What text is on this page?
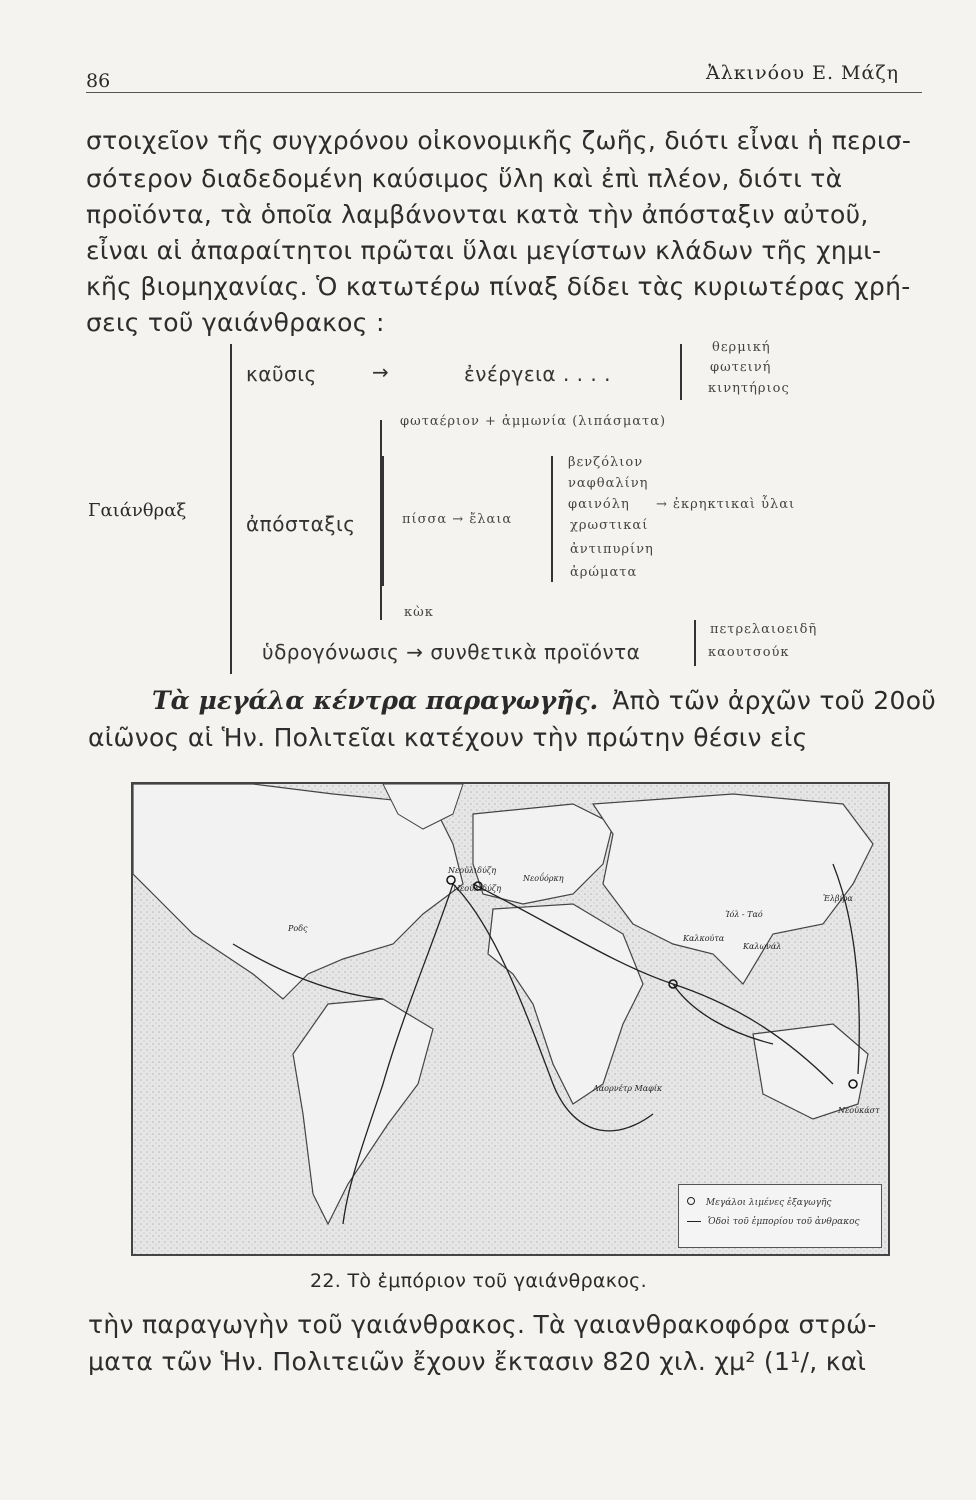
86	Ἀλκινόου Ε. Μάζη
στοιχεῖον τῆς συγχρόνου οἰκονομικῆς ζωῆς, διότι εἶναι ἡ περισ-
σότερον διαδεδομένη καύσιμος ὕλη καὶ ἐπὶ πλέον, διότι τὰ
προϊόντα, τὰ ὁποῖα λαμβάνονται κατὰ τὴν ἀπόσταξιν αὐτοῦ,
εἶναι αἱ ἀπαραίτητοι πρῶται ὕλαι μεγίστων κλάδων τῆς χημι-
κῆς βιομηχανίας. Ὁ κατωτέρω πίναξ δίδει τὰς κυριωτέρας χρή-
σεις τοῦ γαιάνθρακος :
Γαιάνθραξ
καῦσις	→	ἐνέργεια . . . .
θερμική
φωτεινή
κινητήριος
φωταέριον + ἀμμωνία (λιπάσματα)
ἀπόσταξις	πίσσα → ἔλαια
βενζόλιον
ναφθαλίνη
φαινόλη → ἐκρηκτικαὶ ὗλαι
χρωστικαί
ἀντιπυρίνη
ἀρώματα
κὼκ
ὑδρογόνωσις → συνθετικὰ προϊόντα
πετρελαιοειδῆ
καουτσούκ
Τὰ μεγάλα κέντρα παραγωγῆς. Ἀπὸ τῶν ἀρχῶν τοῦ 20οῦ
αἰῶνος αἱ Ἡν. Πολιτεῖαι κατέχουν τὴν πρώτην θέσιν εἰς
Νεοΰόρκη
Ροδς
Νεοϋλιδύζη
Νεοϋλιδύζη
Ίόλ - Ταό
Ἐλβίρα
Καλκούτα
Καλωνάλ
Λαορνέτρ Μαφίκ
Νεοϋκάστ
Μεγάλοι λιμένες ἐξαγωγῆς
Ὁδοὶ τοῦ ἐμπορίου τοῦ ἀνθρακος
22. Τὸ ἐμπόριον τοῦ γαιάνθρακος.
τὴν παραγωγὴν τοῦ γαιάνθρακος. Τὰ γαιανθρακοφόρα στρώ-
ματα τῶν Ἡν. Πολιτειῶν ἔχουν ἔκτασιν 820 χιλ. χμ² (1¹/, καὶ
